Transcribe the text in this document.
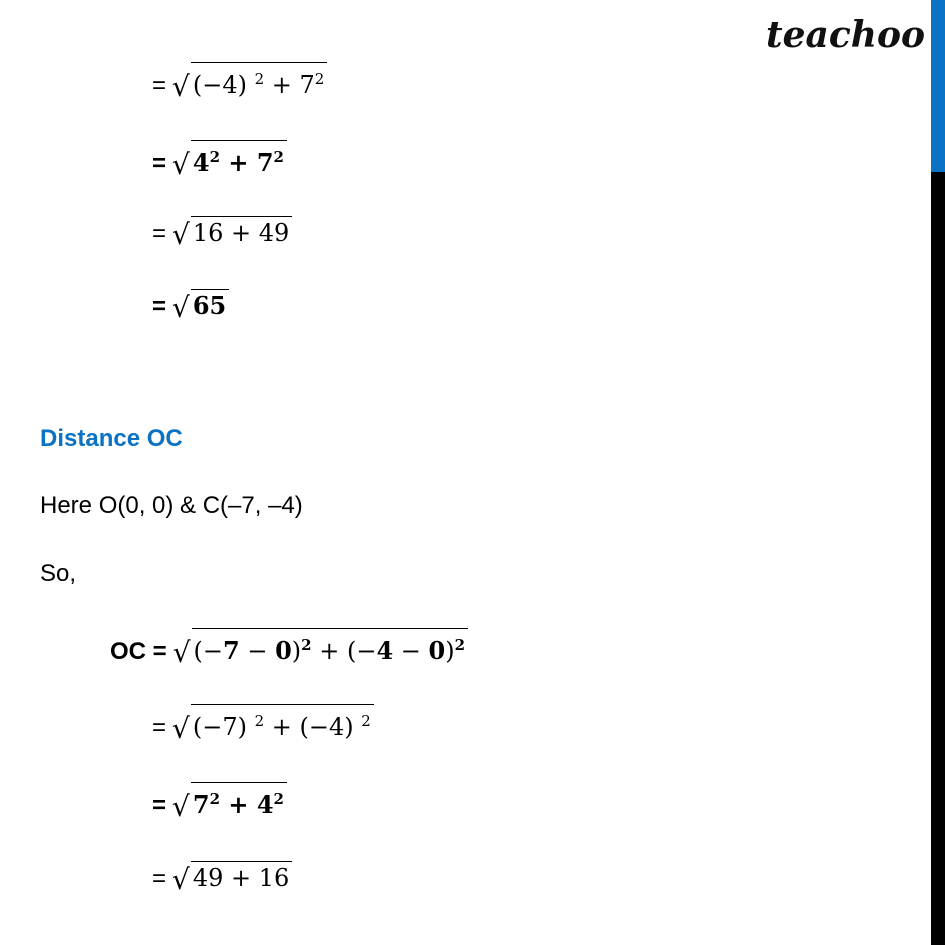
teachoo
= √ (−4) $^2 + 7^2$
= √ $4^2 + 7^2$
= √ 16 + 49
= √ 65
Distance OC
Here O(0, 0) & C(–7, –4)
So,
OC = √ $(-7 - 0)^2 + (-4 - 0)^2$
= √ (−7) $^2$ + (−4) $^2$
= √ $7^2 + 4^2$
= √ 49 + 16
